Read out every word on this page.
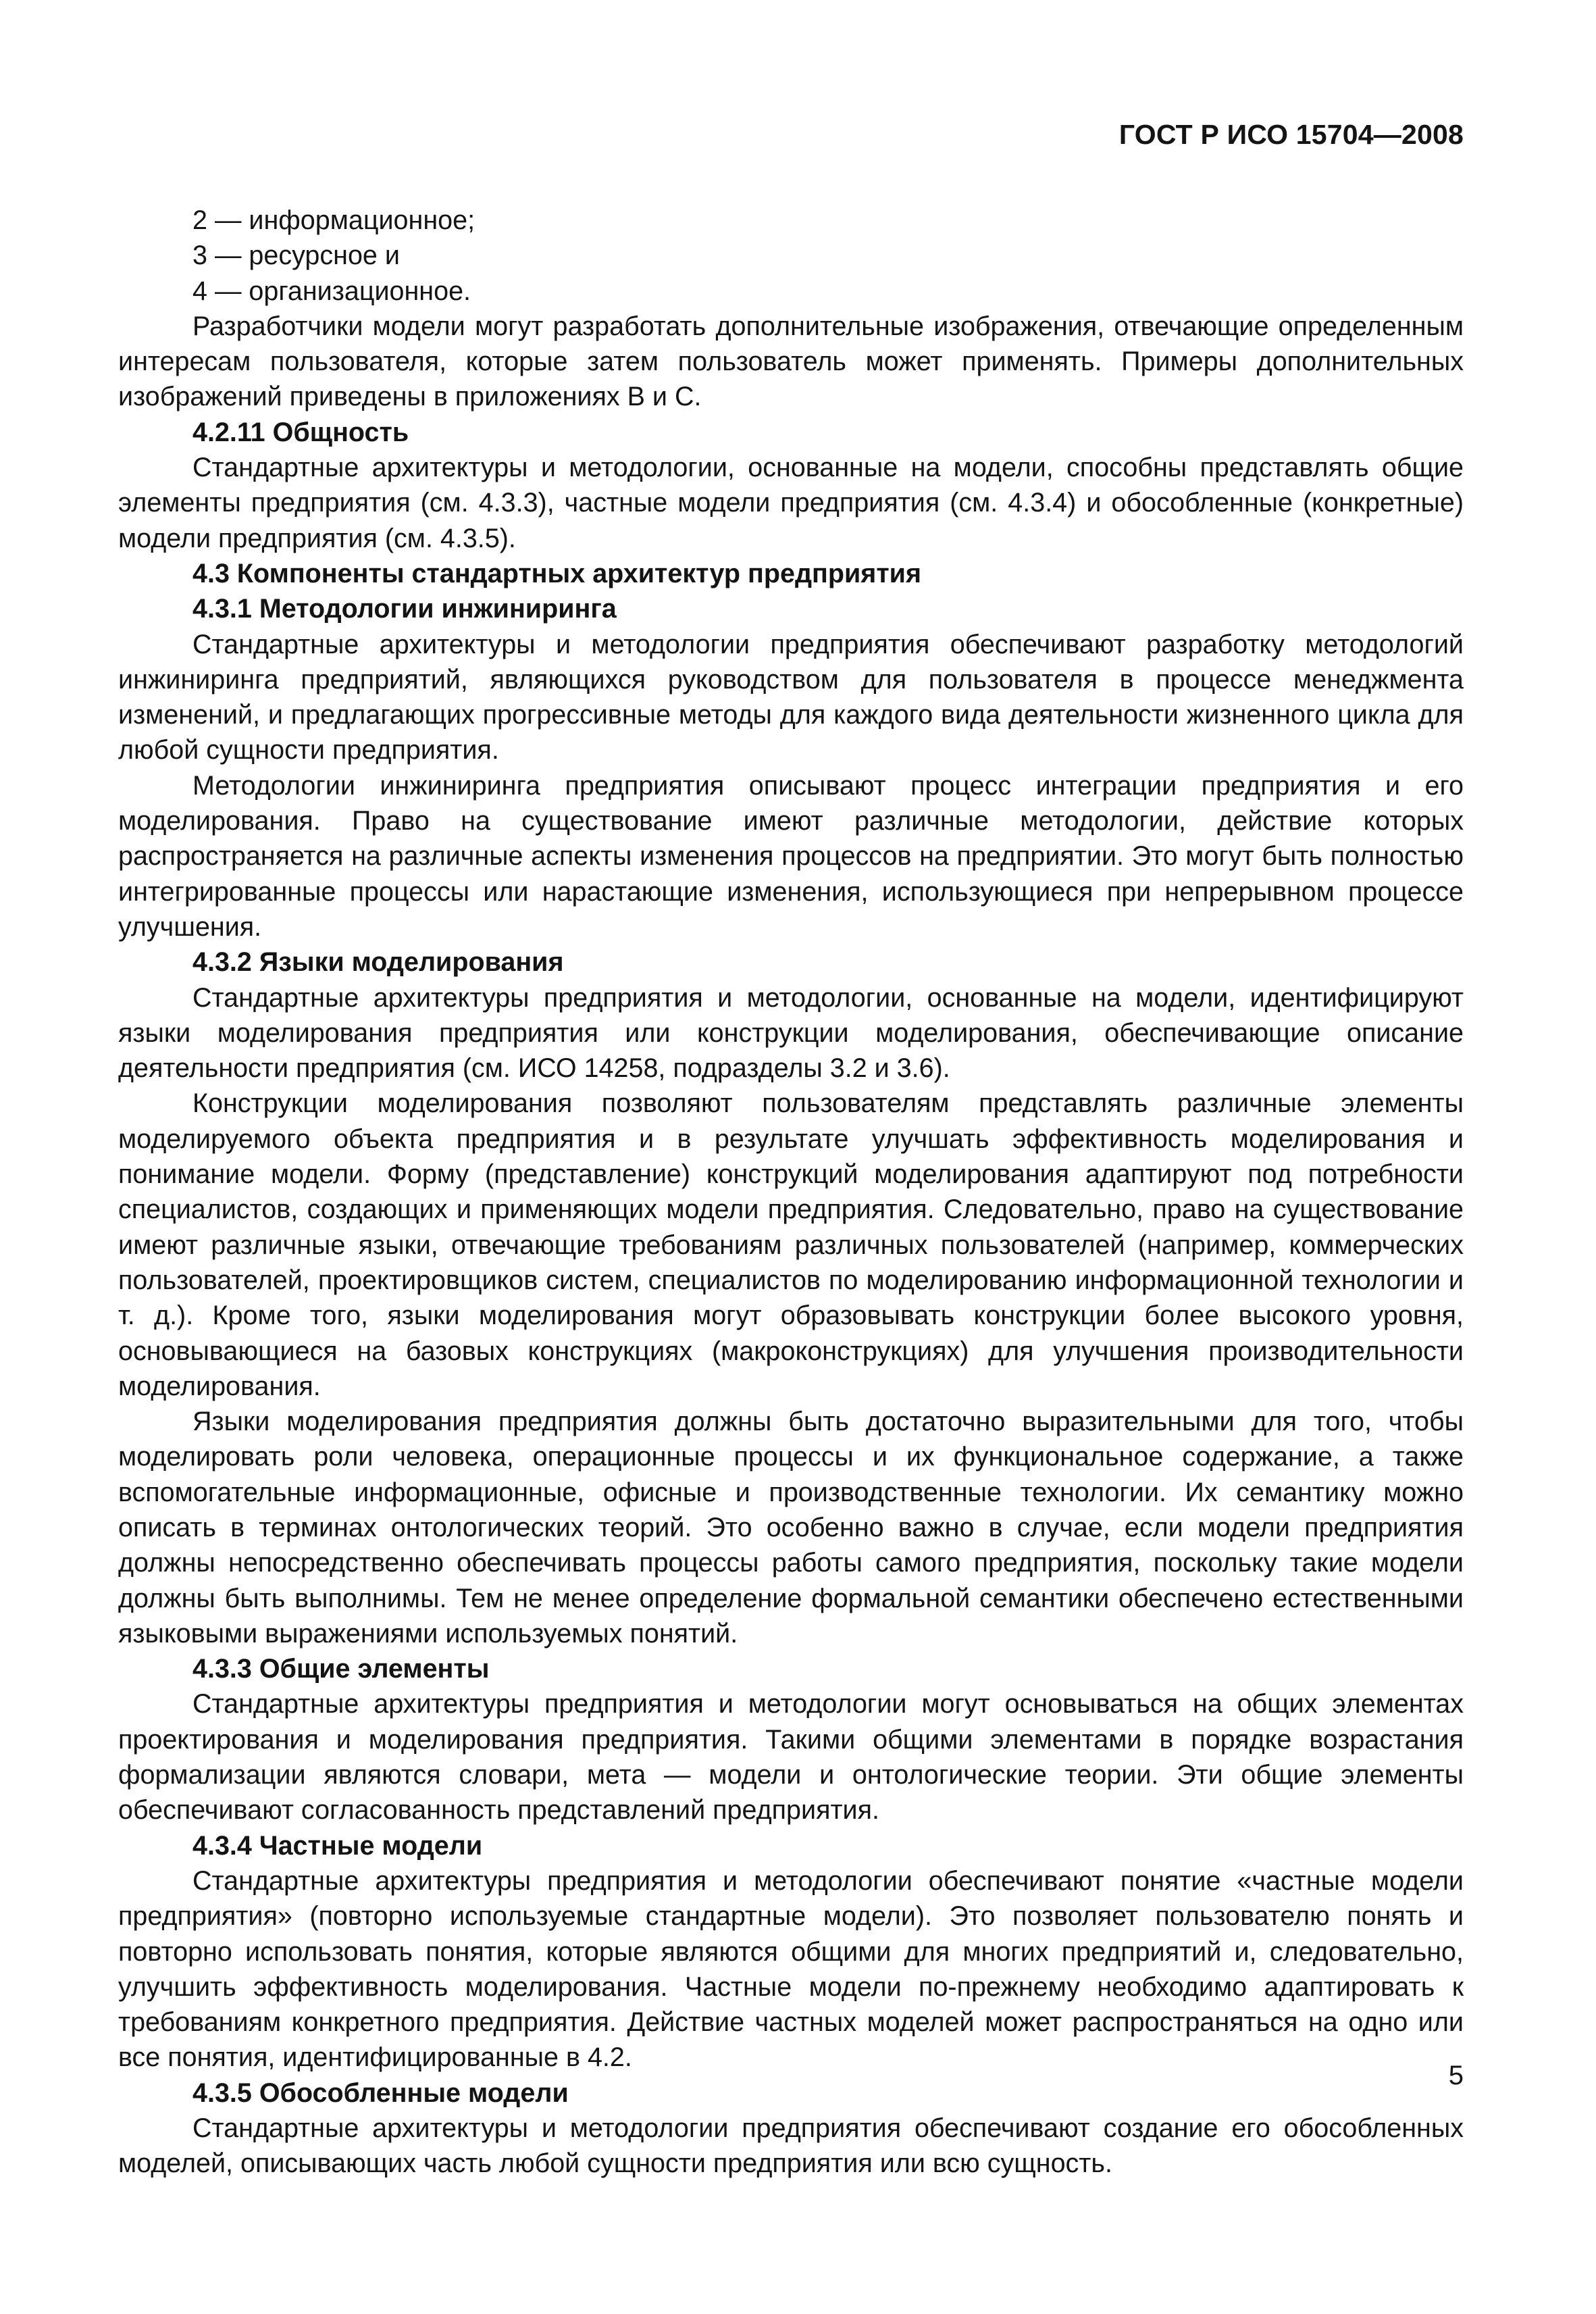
ГОСТ Р ИСО 15704—2008

2 — информационное;

3 — ресурсное и

4 — организационное.

Разработчики модели могут разработать дополнительные изображения, отвечающие определенным интересам пользователя, которые затем пользователь может применять. Примеры дополнительных изображений приведены в приложениях В и С.

4.2.11 Общность

Стандартные архитектуры и методологии, основанные на модели, способны представлять общие элементы предприятия (см. 4.3.3), частные модели предприятия (см. 4.3.4) и обособленные (конкретные) модели предприятия (см. 4.3.5).

4.3 Компоненты стандартных архитектур предприятия

4.3.1 Методологии инжиниринга

Стандартные архитектуры и методологии предприятия обеспечивают разработку методологий инжиниринга предприятий, являющихся руководством для пользователя в процессе менеджмента изменений, и предлагающих прогрессивные методы для каждого вида деятельности жизненного цикла для любой сущности предприятия.

Методологии инжиниринга предприятия описывают процесс интеграции предприятия и его моделирования. Право на существование имеют различные методологии, действие которых распространяется на различные аспекты изменения процессов на предприятии. Это могут быть полностью интегрированные процессы или нарастающие изменения, использующиеся при непрерывном процессе улучшения.

4.3.2 Языки моделирования

Стандартные архитектуры предприятия и методологии, основанные на модели, идентифицируют языки моделирования предприятия или конструкции моделирования, обеспечивающие описание деятельности предприятия (см. ИСО 14258, подразделы 3.2 и 3.6).

Конструкции моделирования позволяют пользователям представлять различные элементы моделируемого объекта предприятия и в результате улучшать эффективность моделирования и понимание модели. Форму (представление) конструкций моделирования адаптируют под потребности специалистов, создающих и применяющих модели предприятия. Следовательно, право на существование имеют различные языки, отвечающие требованиям различных пользователей (например, коммерческих пользователей, проектировщиков систем, специалистов по моделированию информационной технологии и т. д.). Кроме того, языки моделирования могут образовывать конструкции более высокого уровня, основывающиеся на базовых конструкциях (макроконструкциях) для улучшения производительности моделирования.

Языки моделирования предприятия должны быть достаточно выразительными для того, чтобы моделировать роли человека, операционные процессы и их функциональное содержание, а также вспомогательные информационные, офисные и производственные технологии. Их семантику можно описать в терминах онтологических теорий. Это особенно важно в случае, если модели предприятия должны непосредственно обеспечивать процессы работы самого предприятия, поскольку такие модели должны быть выполнимы. Тем не менее определение формальной семантики обеспечено естественными языковыми выражениями используемых понятий.

4.3.3 Общие элементы

Стандартные архитектуры предприятия и методологии могут основываться на общих элементах проектирования и моделирования предприятия. Такими общими элементами в порядке возрастания формализации являются словари, мета — модели и онтологические теории. Эти общие элементы обеспечивают согласованность представлений предприятия.

4.3.4 Частные модели

Стандартные архитектуры предприятия и методологии обеспечивают понятие «частные модели предприятия» (повторно используемые стандартные модели). Это позволяет пользователю понять и повторно использовать понятия, которые являются общими для многих предприятий и, следовательно, улучшить эффективность моделирования. Частные модели по-прежнему необходимо адаптировать к требованиям конкретного предприятия. Действие частных моделей может распространяться на одно или все понятия, идентифицированные в 4.2.

4.3.5 Обособленные модели

Стандартные архитектуры и методологии предприятия обеспечивают создание его обособленных моделей, описывающих часть любой сущности предприятия или всю сущность.

5
